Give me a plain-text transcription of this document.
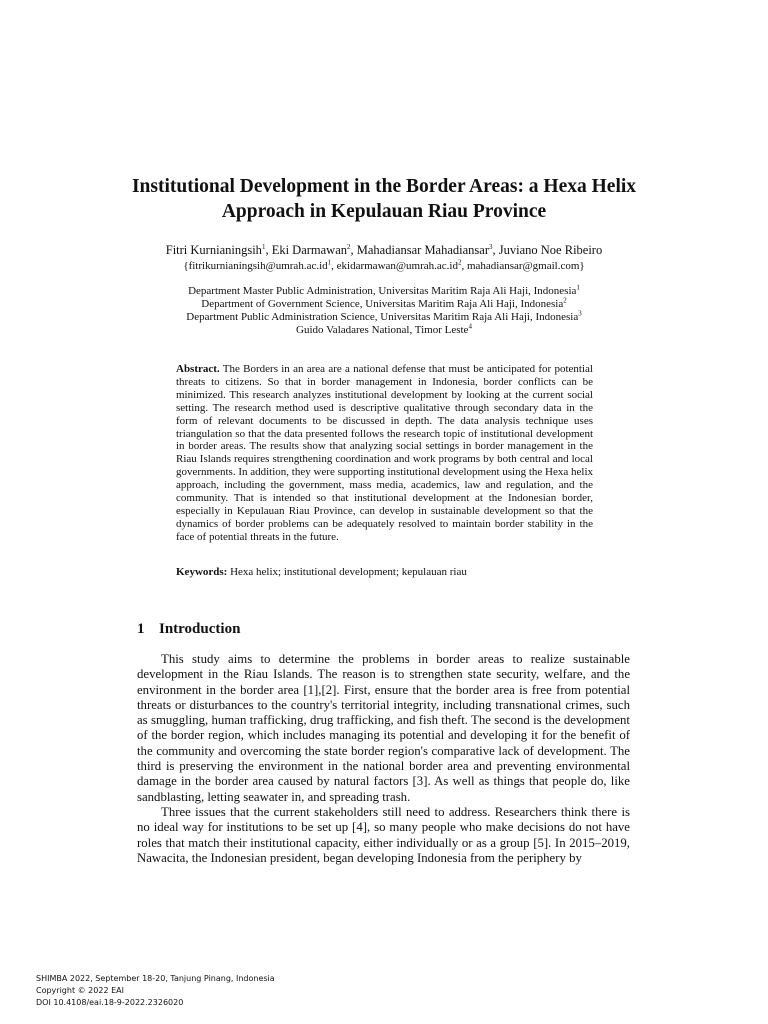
Institutional Development in the Border Areas: a Hexa Helix Approach in Kepulauan Riau Province
Fitri Kurnianingsih$^1$, Eki Darmawan$^2$, Mahadiansar Mahadiansar$^3$, Juviano Noe Ribeiro
{$fitrikurnianingsih@umrah.ac.id^1$, $ekidarmawan@umrah.ac.id^2$, mahadiansar@gmail.com}
Department Master Public Administration, Universitas Maritim Raja Ali Haji, Indonesia$^1$
Department of Government Science, Universitas Maritim Raja Ali Haji, Indonesia$^2$
Department Public Administration Science, Universitas Maritim Raja Ali Haji, Indonesia$^3$
Guido Valadares National, Timor Leste$^4$
Abstract. The Borders in an area are a national defense that must be anticipated for potential threats to citizens. So that in border management in Indonesia, border conflicts can be minimized. This research analyzes institutional development by looking at the current social setting. The research method used is descriptive qualitative through secondary data in the form of relevant documents to be discussed in depth. The data analysis technique uses triangulation so that the data presented follows the research topic of institutional development in border areas. The results show that analyzing social settings in border management in the Riau Islands requires strengthening coordination and work programs by both central and local governments. In addition, they were supporting institutional development using the Hexa helix approach, including the government, mass media, academics, law and regulation, and the community. That is intended so that institutional development at the Indonesian border, especially in Kepulauan Riau Province, can develop in sustainable development so that the dynamics of border problems can be adequately resolved to maintain border stability in the face of potential threats in the future.
Keywords: Hexa helix; institutional development; kepulauan riau
1 Introduction

This study aims to determine the problems in border areas to realize sustainable development in the Riau Islands. The reason is to strengthen state security, welfare, and the environment in the border area [1],[2]. First, ensure that the border area is free from potential threats or disturbances to the country's territorial integrity, including transnational crimes, such as smuggling, human trafficking, drug trafficking, and fish theft. The second is the development of the border region, which includes managing its potential and developing it for the benefit of the community and overcoming the state border region's comparative lack of development. The third is preserving the environment in the national border area and preventing environmental damage in the border area caused by natural factors [3]. As well as things that people do, like sandblasting, letting seawater in, and spreading trash.

Three issues that the current stakeholders still need to address. Researchers think there is no ideal way for institutions to be set up [4], so many people who make decisions do not have roles that match their institutional capacity, either individually or as a group [5]. In 2015–2019, Nawacita, the Indonesian president, began developing Indonesia from the periphery by

SHIMBA 2022, September 18-20, Tanjung Pinang, Indonesia
Copyright © 2022 EAI
DOI 10.4108/eai.18-9-2022.2326020
